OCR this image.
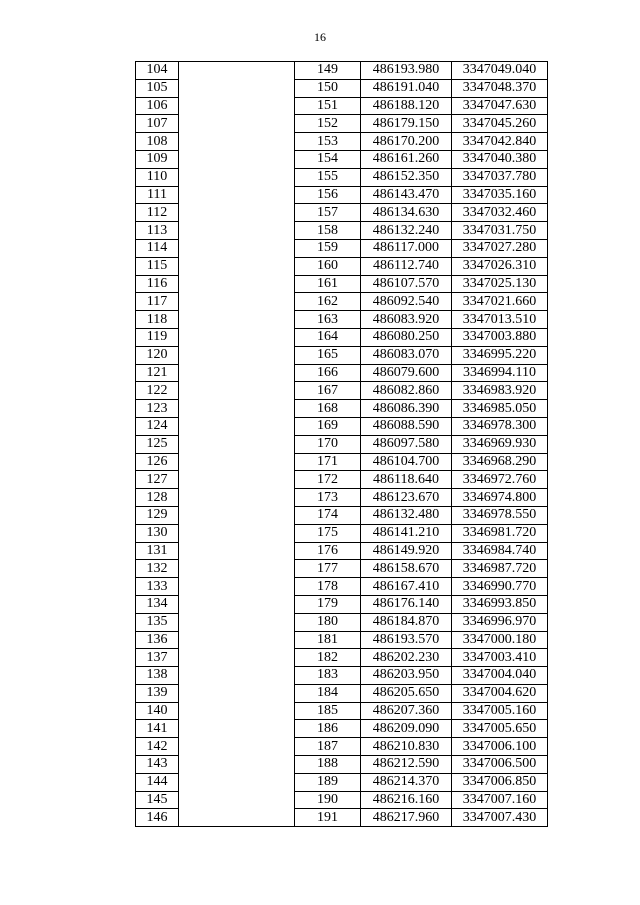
16
104		149	486193.980	3347049.040
105		150	486191.040	3347048.370
106		151	486188.120	3347047.630
107		152	486179.150	3347045.260
108		153	486170.200	3347042.840
109		154	486161.260	3347040.380
110		155	486152.350	3347037.780
111		156	486143.470	3347035.160
112		157	486134.630	3347032.460
113		158	486132.240	3347031.750
114		159	486117.000	3347027.280
115		160	486112.740	3347026.310
116		161	486107.570	3347025.130
117		162	486092.540	3347021.660
118		163	486083.920	3347013.510
119		164	486080.250	3347003.880
120		165	486083.070	3346995.220
121		166	486079.600	3346994.110
122		167	486082.860	3346983.920
123		168	486086.390	3346985.050
124		169	486088.590	3346978.300
125		170	486097.580	3346969.930
126		171	486104.700	3346968.290
127		172	486118.640	3346972.760
128		173	486123.670	3346974.800
129		174	486132.480	3346978.550
130		175	486141.210	3346981.720
131		176	486149.920	3346984.740
132		177	486158.670	3346987.720
133		178	486167.410	3346990.770
134		179	486176.140	3346993.850
135		180	486184.870	3346996.970
136		181	486193.570	3347000.180
137		182	486202.230	3347003.410
138		183	486203.950	3347004.040
139		184	486205.650	3347004.620
140		185	486207.360	3347005.160
141		186	486209.090	3347005.650
142		187	486210.830	3347006.100
143		188	486212.590	3347006.500
144		189	486214.370	3347006.850
145		190	486216.160	3347007.160
146		191	486217.960	3347007.430
